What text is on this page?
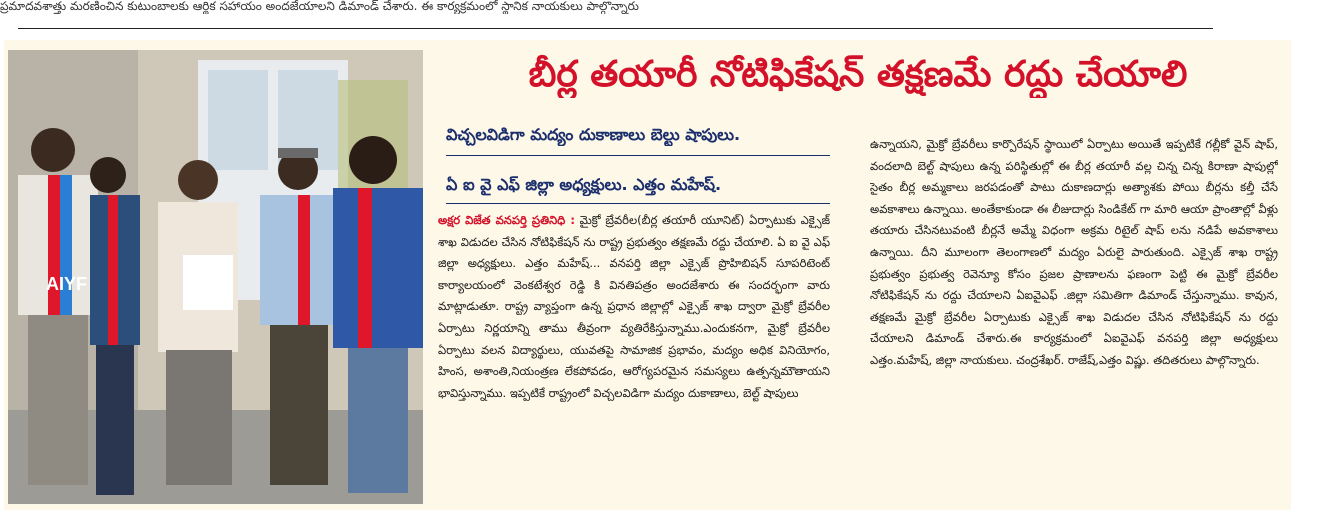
ప్రమాదవశాత్తు మరణించిన కుటుంబాలకు ఆర్థిక సహాయం అందజేయాలని డిమాండ్ చేశారు. ఈ కార్యక్రమంలో స్థానిక నాయకులు పాల్గొన్నారు
AIYF
బీర్ల తయారీ నోటిఫికేషన్ తక్షణమే రద్దు చేయాలి
విచ్చలవిడిగా మద్యం దుకాణాలు బెల్టు షాపులు.
ఏ ఐ వై ఎఫ్ జిల్లా అధ్యక్షులు. ఎత్తం మహేష్.
అక్షర విజేత వనపర్తి ప్రతినిధి : మైక్రో బ్రేవరీల(బీర్ల తయారీ యూనిట్) ఏర్పాటుకు ఎక్సైజ్ శాఖ విడుదల చేసిన నోటిఫికేషన్ ను రాష్ట్ర ప్రభుత్వం తక్షణమే రద్దు చేయాలి. ఏ ఐ వై ఎఫ్ జిల్లా అధ్యక్షులు. ఎత్తం మహేష్... వనపర్తి జిల్లా ఎక్సైజ్ ప్రొహిబిషన్ సూపరిటెంట్ కార్యాలయంలో వెంకటేశ్వర రెడ్డి కి వినతిపత్రం అందజేశారు ఈ సందర్భంగా వారు మాట్లాడుతూ. రాష్ట్ర వ్యాప్తంగా ఉన్న ప్రధాన జిల్లాల్లో ఎక్సైజ్ శాఖ ద్వారా మైక్రో బ్రేవరీల ఏర్పాటు నిర్ణయాన్ని తాము తీవ్రంగా వ్యతిరేకిస్తున్నాము.ఎందుకనగా, మైక్రో బ్రేవరీల ఏర్పాటు వలన విద్యార్థులు, యువతపై సామాజిక ప్రభావం, మద్యం అధిక వినియోగం, హింస, అశాంతి,నియంత్రణ లేకపోవడం, ఆరోగ్యపరమైన సమస్యలు ఉత్పన్నమౌతాయని భావిస్తున్నాము. ఇప్పటికే రాష్ట్రంలో విచ్చలవిడిగా మద్యం దుకాణాలు, బెల్ట్ షాపులు
ఉన్నాయని, మైక్రో బ్రేవరీలు కార్పొరేషన్ స్థాయిలో ఏర్పాటు అయితే ఇప్పటికే గల్లీకో వైన్ షాప్, వందలాది బెల్ట్ షాపులు ఉన్న పరిస్థితుల్లో ఈ బీర్ల తయారీ వల్ల చిన్న చిన్న కిరాణా షాపుల్లో సైతం బీర్ల అమ్మకాలు జరపడంతో పాటు దుకాణదార్లు అత్యాశకు పోయి బీర్లను కల్తీ చేసే అవకాశాలు ఉన్నాయి. అంతేకాకుండా ఈ లీజుదార్లు సిండికేట్ గా మారి ఆయా ప్రాంతాల్లో వీళ్లు తయారు చేసినటువంటి బీర్లనే అమ్మే విధంగా అక్రమ రిటైల్ షాప్ లను నడిపే అవకాశాలు ఉన్నాయి. దీని మూలంగా తెలంగాణలో మద్యం ఏరులై పారుతుంది. ఎక్సైజ్ శాఖ రాష్ట్ర ప్రభుత్వం ప్రభుత్వ రెవెన్యూ కోసం ప్రజల ప్రాణాలను ఫణంగా పెట్టి ఈ మైక్రో బ్రేవరీల నోటిఫికేషన్ ను రద్దు చేయాలని ఏఐవైఎఫ్ .జిల్లా సమితిగా డిమాండ్ చేస్తున్నాము. కావున, తక్షణమే మైక్రో బ్రేవరీల ఏర్పాటుకు ఎక్సైజ్ శాఖ విడుదల చేసిన నోటిఫికేషన్ ను రద్దు చేయాలని డిమాండ్ చేశారు.ఈ కార్యక్రమంలో ఏఐవైఎఫ్ వనపర్తి జిల్లా అధ్యక్షులు ఎత్తం.మహేష్, జిల్లా నాయకులు. చంద్రశేఖర్. రాజేష్,ఎత్తం విష్ణు. తదితరులు పాల్గొన్నారు.
